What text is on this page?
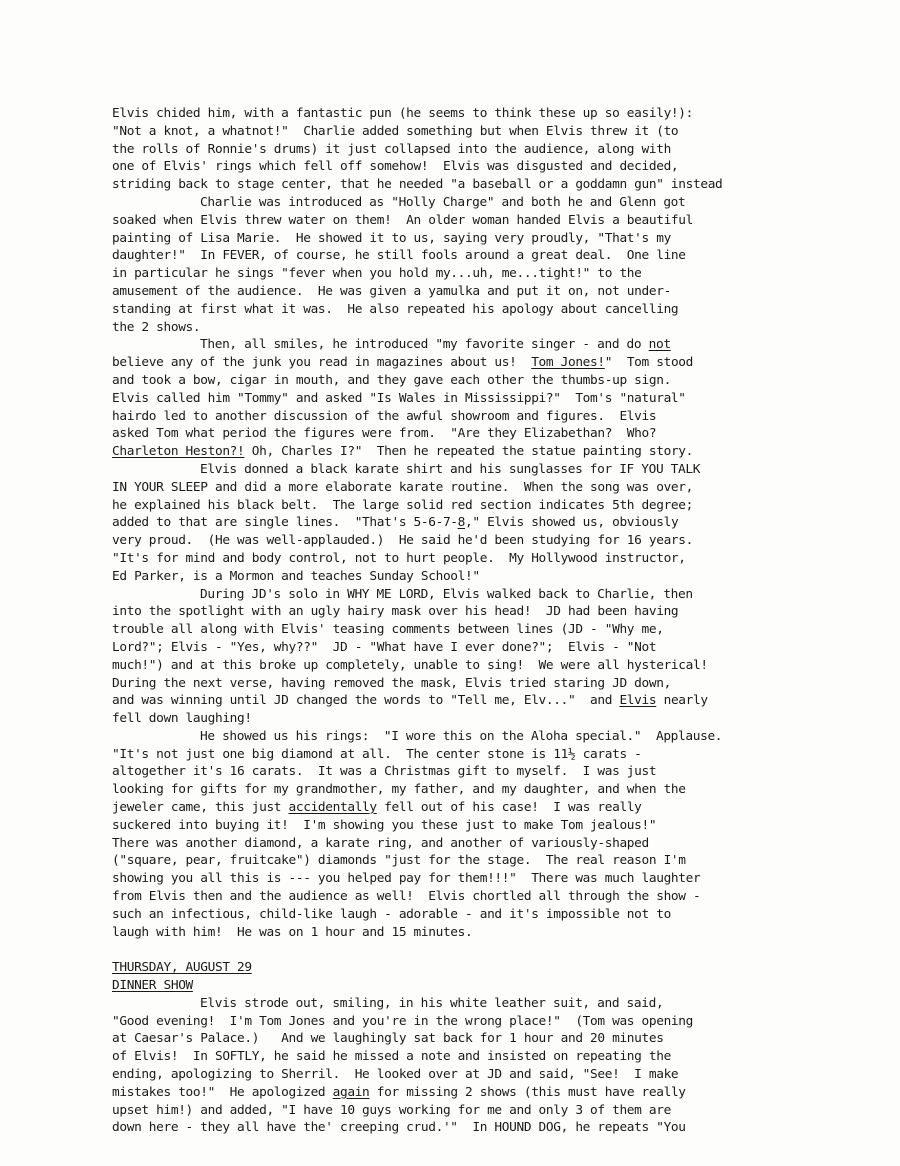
Elvis chided him, with a fantastic pun (he seems to think these up so easily!):
"Not a knot, a whatnot!"  Charlie added something but when Elvis threw it (to
the rolls of Ronnie's drums) it just collapsed into the audience, along with
one of Elvis' rings which fell off somehow!  Elvis was disgusted and decided,
striding back to stage center, that he needed "a baseball or a goddamn gun" instead
Charlie was introduced as "Holly Charge" and both he and Glenn got
soaked when Elvis threw water on them!  An older woman handed Elvis a beautiful
painting of Lisa Marie.  He showed it to us, saying very proudly, "That's my
daughter!"  In FEVER, of course, he still fools around a great deal.  One line
in particular he sings "fever when you hold my...uh, me...tight!" to the
amusement of the audience.  He was given a yamulka and put it on, not under-
standing at first what it was.  He also repeated his apology about cancelling
the 2 shows.
Then, all smiles, he introduced "my favorite singer - and do not
believe any of the junk you read in magazines about us!  Tom Jones!"  Tom stood
and took a bow, cigar in mouth, and they gave each other the thumbs-up sign.
Elvis called him "Tommy" and asked "Is Wales in Mississippi?"  Tom's "natural"
hairdo led to another discussion of the awful showroom and figures.  Elvis
asked Tom what period the figures were from.  "Are they Elizabethan?  Who?
Charleton Heston?! Oh, Charles I?"  Then he repeated the statue painting story.
Elvis donned a black karate shirt and his sunglasses for IF YOU TALK
IN YOUR SLEEP and did a more elaborate karate routine.  When the song was over,
he explained his black belt.  The large solid red section indicates 5th degree;
added to that are single lines.  "That's 5-6-7-8," Elvis showed us, obviously
very proud.  (He was well-applauded.)  He said he'd been studying for 16 years.
"It's for mind and body control, not to hurt people.  My Hollywood instructor,
Ed Parker, is a Mormon and teaches Sunday School!"
During JD's solo in WHY ME LORD, Elvis walked back to Charlie, then
into the spotlight with an ugly hairy mask over his head!  JD had been having
trouble all along with Elvis' teasing comments between lines (JD - "Why me,
Lord?"; Elvis - "Yes, why??"  JD - "What have I ever done?";  Elvis - "Not
much!") and at this broke up completely, unable to sing!  We were all hysterical!
During the next verse, having removed the mask, Elvis tried staring JD down,
and was winning until JD changed the words to "Tell me, Elv..."  and Elvis nearly
fell down laughing!
He showed us his rings:  "I wore this on the Aloha special."  Applause.
"It's not just one big diamond at all.  The center stone is 11½ carats -
altogether it's 16 carats.  It was a Christmas gift to myself.  I was just
looking for gifts for my grandmother, my father, and my daughter, and when the
jeweler came, this just accidentally fell out of his case!  I was really
suckered into buying it!  I'm showing you these just to make Tom jealous!"
There was another diamond, a karate ring, and another of variously-shaped
("square, pear, fruitcake") diamonds "just for the stage.  The real reason I'm
showing you all this is --- you helped pay for them!!!"  There was much laughter
from Elvis then and the audience as well!  Elvis chortled all through the show -
such an infectious, child-like laugh - adorable - and it's impossible not to
laugh with him!  He was on 1 hour and 15 minutes.
THURSDAY, AUGUST 29
DINNER SHOW
Elvis strode out, smiling, in his white leather suit, and said,
"Good evening!  I'm Tom Jones and you're in the wrong place!"  (Tom was opening
at Caesar's Palace.)   And we laughingly sat back for 1 hour and 20 minutes
of Elvis!  In SOFTLY, he said he missed a note and insisted on repeating the
ending, apologizing to Sherril.  He looked over at JD and said, "See!  I make
mistakes too!"  He apologized again for missing 2 shows (this must have really
upset him!) and added, "I have 10 guys working for me and only 3 of them are
down here - they all have the' creeping crud.'"  In HOUND DOG, he repeats "You
